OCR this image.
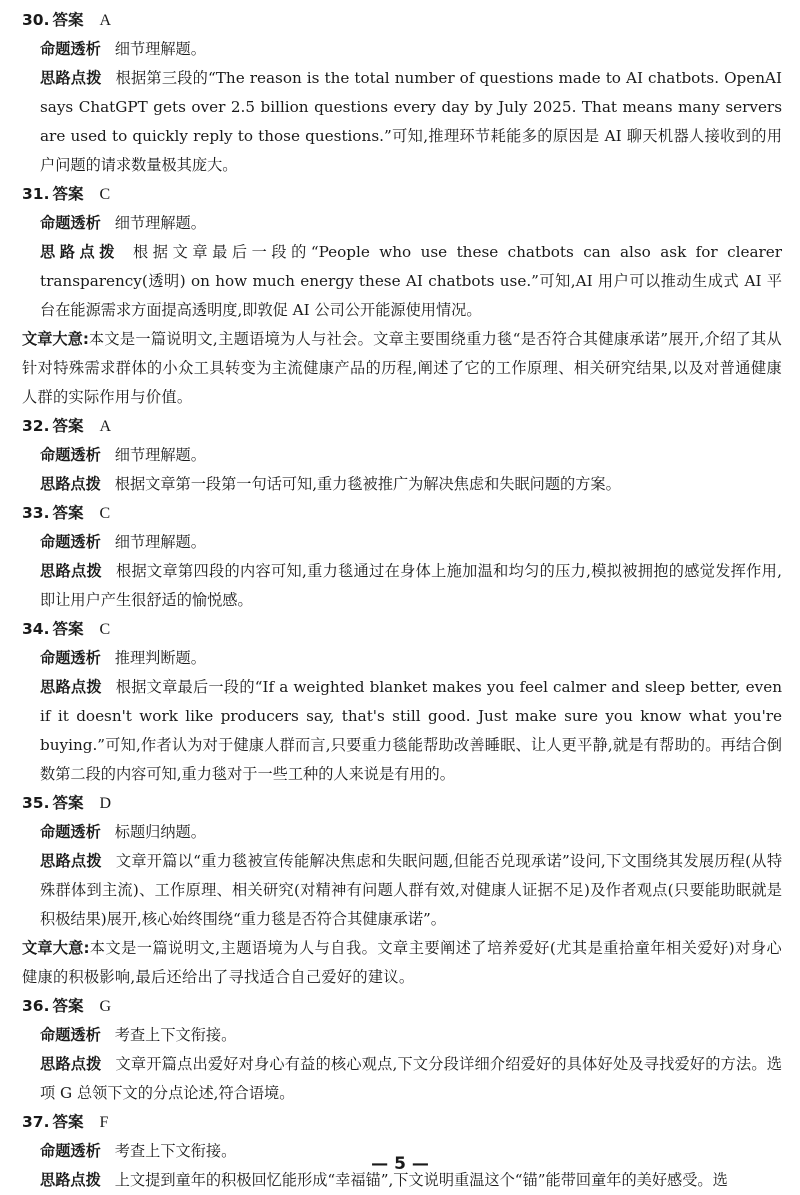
30. 答案 A

命题透析 细节理解题。

思路点拨 根据第三段的“The reason is the total number of questions made to AI chatbots. OpenAI says ChatGPT gets over 2.5 billion questions every day by July 2025. That means many servers are used to quickly reply to those questions.”可知,推理环节耗能多的原因是 AI 聊天机器人接收到的用户问题的请求数量极其庞大。

31. 答案 C

命题透析 细节理解题。

思路点拨 根据文章最后一段的“People who use these chatbots can also ask for clearer transparency(透明) on how much energy these AI chatbots use.”可知,AI 用户可以推动生成式 AI 平台在能源需求方面提高透明度,即敦促 AI 公司公开能源使用情况。

文章大意:本文是一篇说明文,主题语境为人与社会。文章主要围绕重力毯“是否符合其健康承诺”展开,介绍了其从针对特殊需求群体的小众工具转变为主流健康产品的历程,阐述了它的工作原理、相关研究结果,以及对普通健康人群的实际作用与价值。

32. 答案 A

命题透析 细节理解题。

思路点拨 根据文章第一段第一句话可知,重力毯被推广为解决焦虑和失眠问题的方案。

33. 答案 C

命题透析 细节理解题。

思路点拨 根据文章第四段的内容可知,重力毯通过在身体上施加温和均匀的压力,模拟被拥抱的感觉发挥作用,即让用户产生很舒适的愉悦感。

34. 答案 C

命题透析 推理判断题。

思路点拨 根据文章最后一段的“If a weighted blanket makes you feel calmer and sleep better, even if it doesn't work like producers say, that's still good. Just make sure you know what you're buying.”可知,作者认为对于健康人群而言,只要重力毯能帮助改善睡眠、让人更平静,就是有帮助的。再结合倒数第二段的内容可知,重力毯对于一些工种的人来说是有用的。

35. 答案 D

命题透析 标题归纳题。

思路点拨 文章开篇以“重力毯被宣传能解决焦虑和失眠问题,但能否兑现承诺”设问,下文围绕其发展历程(从特殊群体到主流)、工作原理、相关研究(对精神有问题人群有效,对健康人证据不足)及作者观点(只要能助眠就是积极结果)展开,核心始终围绕“重力毯是否符合其健康承诺”。

文章大意:本文是一篇说明文,主题语境为人与自我。文章主要阐述了培养爱好(尤其是重拾童年相关爱好)对身心健康的积极影响,最后还给出了寻找适合自己爱好的建议。

36. 答案 G

命题透析 考查上下文衔接。

思路点拨 文章开篇点出爱好对身心有益的核心观点,下文分段详细介绍爱好的具体好处及寻找爱好的方法。选项 G 总领下文的分点论述,符合语境。

37. 答案 F

命题透析 考查上下文衔接。

思路点拨 上文提到童年的积极回忆能形成“幸福锚”,下文说明重温这个“锚”能带回童年的美好感受。选

— 5 —
